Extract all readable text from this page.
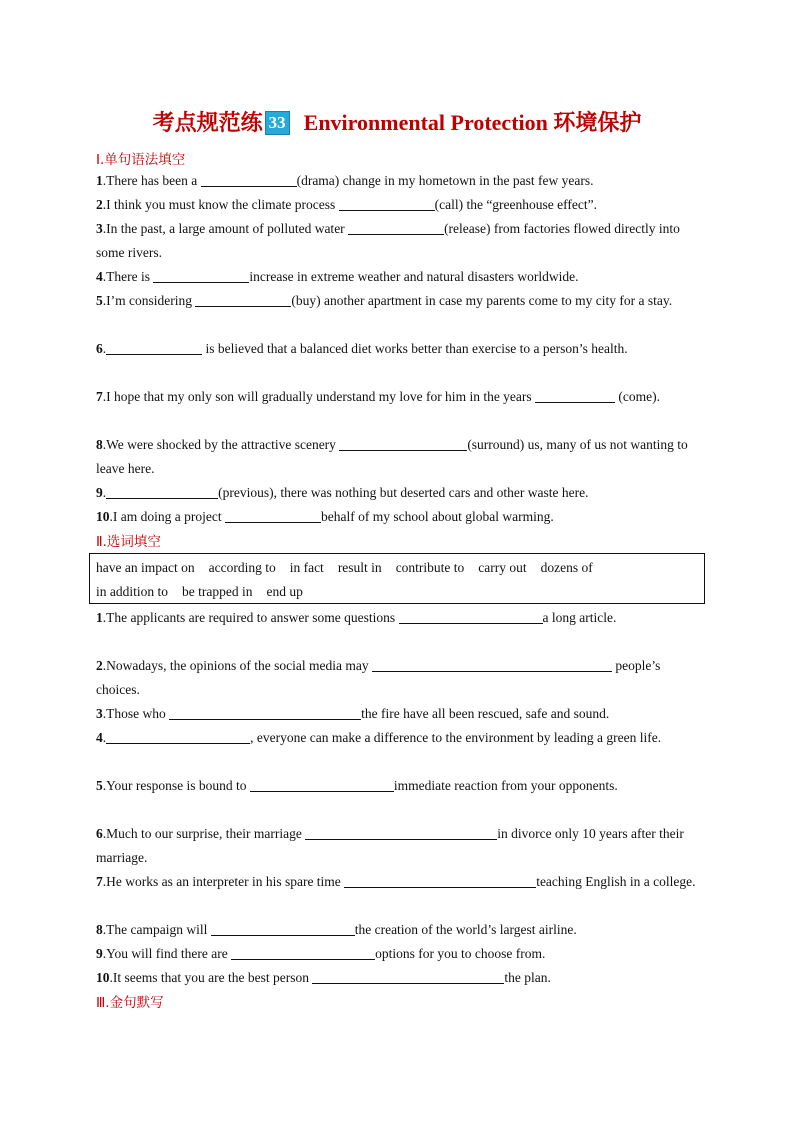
考点规范练 33 Environmental Protection 环境保护
Ⅰ.单句语法填空
1.There has been a	(drama) change in my hometown in the past few years.
2.I think you must know the climate process	(call) the “greenhouse effect”.
3.In the past, a large amount of polluted water	(release) from factories flowed directly into some rivers.
4.There is	increase in extreme weather and natural disasters worldwide.
5.I’m considering	(buy) another apartment in case my parents come to my city for a stay.
6.	is believed that a balanced diet works better than exercise to a person’s health.
7.I hope that my only son will gradually understand my love for him in the years	(come).
8.We were shocked by the attractive scenery	(surround) us, many of us not wanting to leave here.
9.	(previous), there was nothing but deserted cars and other waste here.
10.I am doing a project	behalf of my school about global warming.
Ⅱ.选词填空
have an impact on according to in fact result in contribute to carry out dozens of
in addition to be trapped in end up
1.The applicants are required to answer some questions	a long article.
2.Nowadays, the opinions of the social media may	people’s choices.
3.Those who	the fire have all been rescued, safe and sound.
4.	, everyone can make a difference to the environment by leading a green life.
5.Your response is bound to	immediate reaction from your opponents.
6.Much to our surprise, their marriage	in divorce only 10 years after their marriage.
7.He works as an interpreter in his spare time	teaching English in a college.
8.The campaign will	the creation of the world’s largest airline.
9.You will find there are	options for you to choose from.
10.It seems that you are the best person	the plan.
Ⅲ.金句默写
